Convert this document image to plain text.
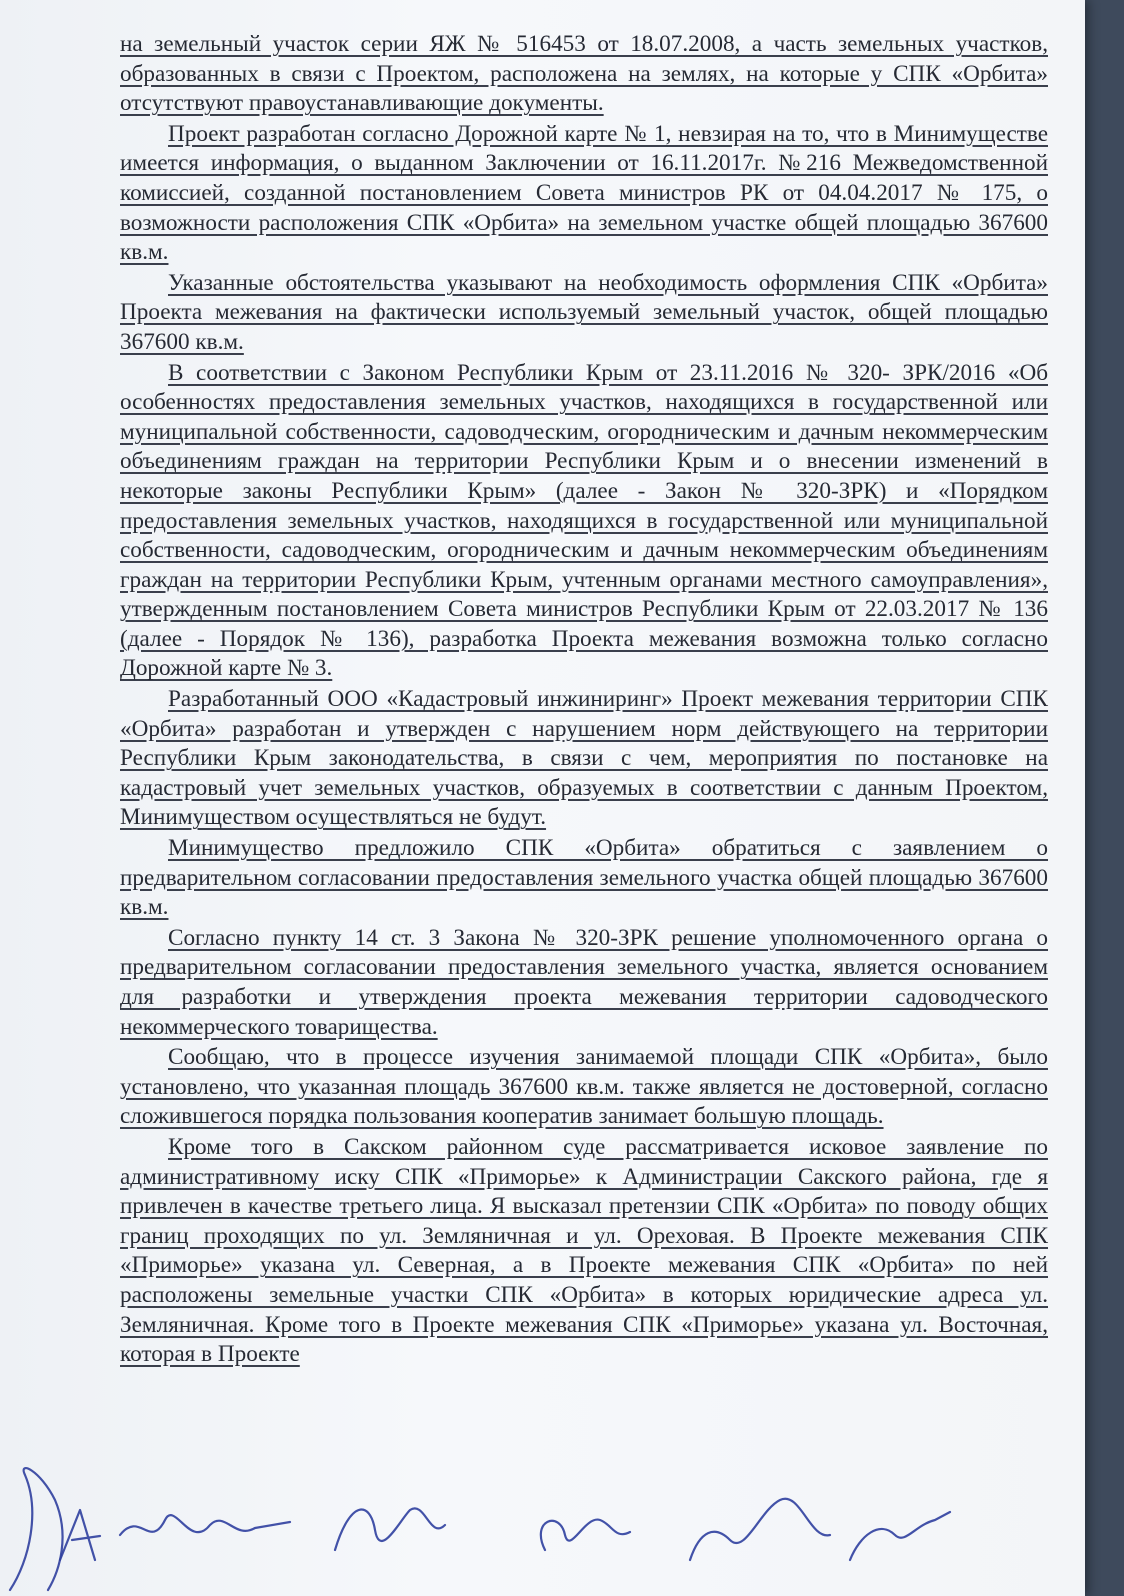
на земельный участок серии ЯЖ № 516453 от 18.07.2008, а часть земельных участков, образованных в связи с Проектом, расположена на землях, на которые у СПК «Орбита» отсутствуют правоустанавливающие документы.

Проект разработан согласно Дорожной карте № 1, невзирая на то, что в Минимуществе имеется информация, о выданном Заключении от 16.11.2017г. №216 Межведомственной комиссией, созданной постановлением Совета министров РК от 04.04.2017 № 175, о возможности расположения СПК «Орбита» на земельном участке общей площадью 367600 кв.м.

Указанные обстоятельства указывают на необходимость оформления СПК «Орбита» Проекта межевания на фактически используемый земельный участок, общей площадью 367600 кв.м.

В соответствии с Законом Республики Крым от 23.11.2016 № 320- ЗРК/2016 «Об особенностях предоставления земельных участков, находящихся в государственной или муниципальной собственности, садоводческим, огородническим и дачным некоммерческим объединениям граждан на территории Республики Крым и о внесении изменений в некоторые законы Республики Крым» (далее - Закон № 320-ЗРК) и «Порядком предоставления земельных участков, находящихся в государственной или муниципальной собственности, садоводческим, огородническим и дачным некоммерческим объединениям граждан на территории Республики Крым, учтенным органами местного самоуправления», утвержденным постановлением Совета министров Республики Крым от 22.03.2017 № 136 (далее - Порядок № 136), разработка Проекта межевания возможна только согласно Дорожной карте № 3.

Разработанный ООО «Кадастровый инжиниринг» Проект межевания территории СПК «Орбита» разработан и утвержден с нарушением норм действующего на территории Республики Крым законодательства, в связи с чем, мероприятия по постановке на кадастровый учет земельных участков, образуемых в соответствии с данным Проектом, Минимуществом осуществляться не будут.

Минимущество предложило СПК «Орбита» обратиться с заявлением о предварительном согласовании предоставления земельного участка общей площадью 367600 кв.м.

Согласно пункту 14 ст. 3 Закона № 320-ЗРК решение уполномоченного органа о предварительном согласовании предоставления земельного участка, является основанием для разработки и утверждения проекта межевания территории садоводческого некоммерческого товарищества.

Сообщаю, что в процессе изучения занимаемой площади СПК «Орбита», было установлено, что указанная площадь 367600 кв.м. также является не достоверной, согласно сложившегося порядка пользования кооператив занимает большую площадь.

Кроме того в Сакском районном суде рассматривается исковое заявление по административному иску СПК «Приморье» к Администрации Сакского района, где я привлечен в качестве третьего лица. Я высказал претензии СПК «Орбита» по поводу общих границ проходящих по ул. Земляничная и ул. Ореховая. В Проекте межевания СПК «Приморье» указана ул. Северная, а в Проекте межевания СПК «Орбита» по ней расположены земельные участки СПК «Орбита» в которых юридические адреса ул. Земляничная. Кроме того в Проекте межевания СПК «Приморье» указана ул. Восточная, которая в Проекте
